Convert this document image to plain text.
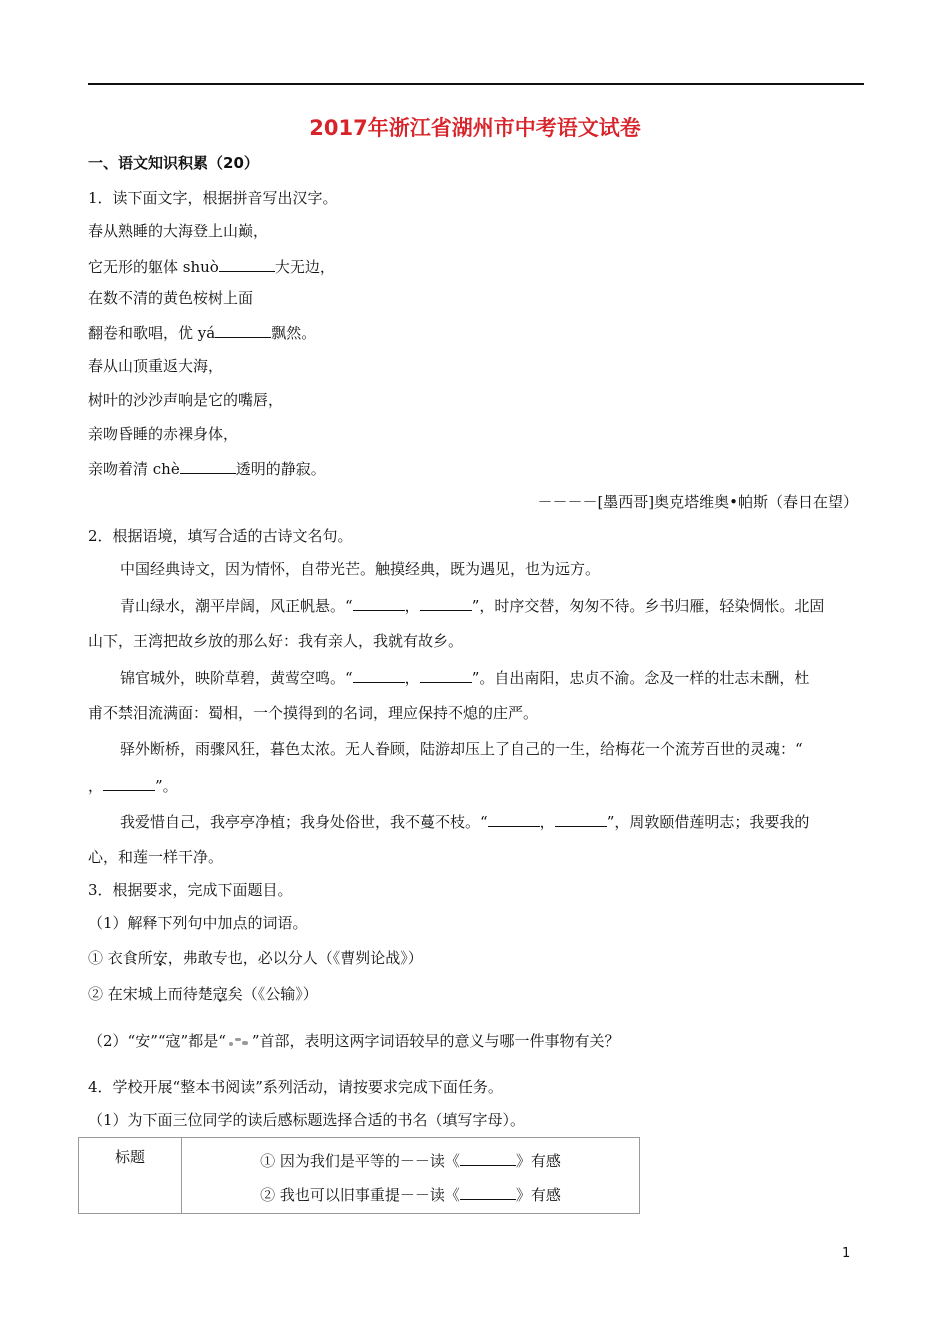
2017年浙江省湖州市中考语文试卷
一、语文知识积累（20）
1．读下面文字，根据拼音写出汉字。
春从熟睡的大海登上山巅，
它无形的躯体 shuò	大无边，
在数不清的黄色桉树上面
翻卷和歌唱，优 yá	飘然。
春从山顶重返大海，
树叶的沙沙声响是它的嘴唇，
亲吻昏睡的赤裸身体，
亲吻着清 chè	透明的静寂。
－－－－[墨西哥]奥克塔维奥•帕斯（春日在望）
2．根据语境，填写合适的古诗文名句。
中国经典诗文，因为情怀，自带光芒。触摸经典，既为遇见，也为远方。
青山绿水，潮平岸阔，风正帆悬。“	，	”，时序交替，匆匆不待。乡书归雁，轻染惆怅。北固
山下，王湾把故乡放的那么好：我有亲人，我就有故乡。
锦官城外，映阶草碧，黄莺空鸣。“	，	”。自出南阳，忠贞不渝。念及一样的壮志未酬，杜
甫不禁泪流满面：蜀相，一个摸得到的名词，理应保持不熄的庄严。
驿外断桥，雨骤风狂，暮色太浓。无人眷顾，陆游却压上了自己的一生，给梅花一个流芳百世的灵魂：“
，	”。
我爱惜自己，我亭亭净植；我身处俗世，我不蔓不枝。“	，	”，周敦颐借莲明志；我要我的
心，和莲一样干净。
3．根据要求，完成下面题目。
（1）解释下列句中加点的词语。
① 衣食所安，弗敢专也，必以分人（《曹刿论战》）
② 在宋城上而待楚寇矣（《公输》）
（2）“安”“寇”都是“ ”首部，表明这两字词语较早的意义与哪一件事物有关？
4．学校开展“整本书阅读”系列活动，请按要求完成下面任务。
（1）为下面三位同学的读后感标题选择合适的书名（填写字母）。
标题	① 因为我们是平等的－－读《	》有感
② 我也可以旧事重提－－读《	》有感
1
